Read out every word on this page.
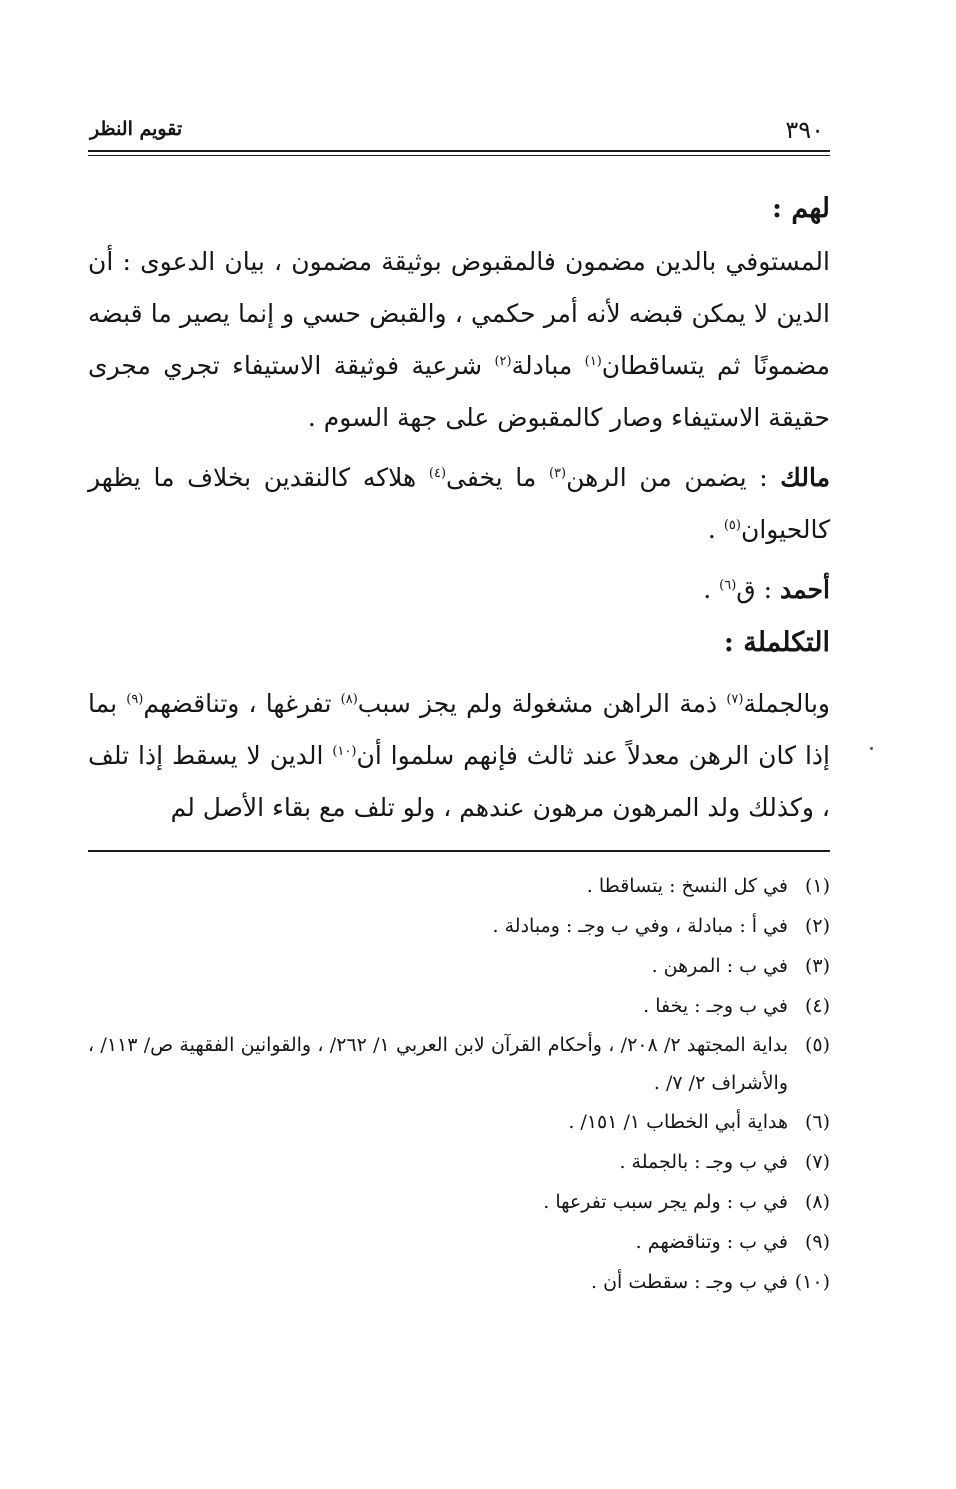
٣٩٠
تقويم النظر

لهم :

المستوفي بالدين مضمون فالمقبوض بوثيقة مضمون ، بيان الدعوى : أن الدين لا يمكن قبضه لأنه أمر حكمي ، والقبض حسي و إنما يصير ما قبضه مضمونًا ثم يتساقطان$^{(١)}$ مبادلة$^{(٢)}$ شرعية فوثيقة الاستيفاء تجري مجرى حقيقة الاستيفاء وصار كالمقبوض على جهة السوم .

مالك : يضمن من الرهن$^{(٣)}$ ما يخفى$^{(٤)}$ هلاكه كالنقدين بخلاف ما يظهر كالحيوان$^{(٥)}$ .

أحمد : ق$^{(٦)}$ .

التكلملة :

وبالجملة$^{(٧)}$ ذمة الراهن مشغولة ولم يجز سبب$^{(٨)}$ تفرغها ، وتناقضهم$^{(٩)}$ بما إذا كان الرهن معدلاً عند ثالث فإنهم سلموا أن$^{(١٠)}$ الدين لا يسقط إذا تلف ، وكذلك ولد المرهون مرهون عندهم ، ولو تلف مع بقاء الأصل لم

(١)
في كل النسخ : يتساقطا .

(٢)
في أ : مبادلة ، وفي ب وجـ : ومبادلة .

(٣)
في ب : المرهن .

(٤)
في ب وجـ : يخفا .

(٥)
بداية المجتهد ٢/ ٢٠٨/ ، وأحكام القرآن لابن العربي ١/ ٢٦٢/ ، والقوانين الفقهية ص/ ١١٣/ ، والأشراف ٢/ ٧/ .

(٦)
هداية أبي الخطاب ١/ ١٥١/ .

(٧)
في ب وجـ : بالجملة .

(٨)
في ب : ولم يجر سبب تفرعها .

(٩)
في ب : وتناقضهم .

(١٠)
في ب وجـ : سقطت أن .
